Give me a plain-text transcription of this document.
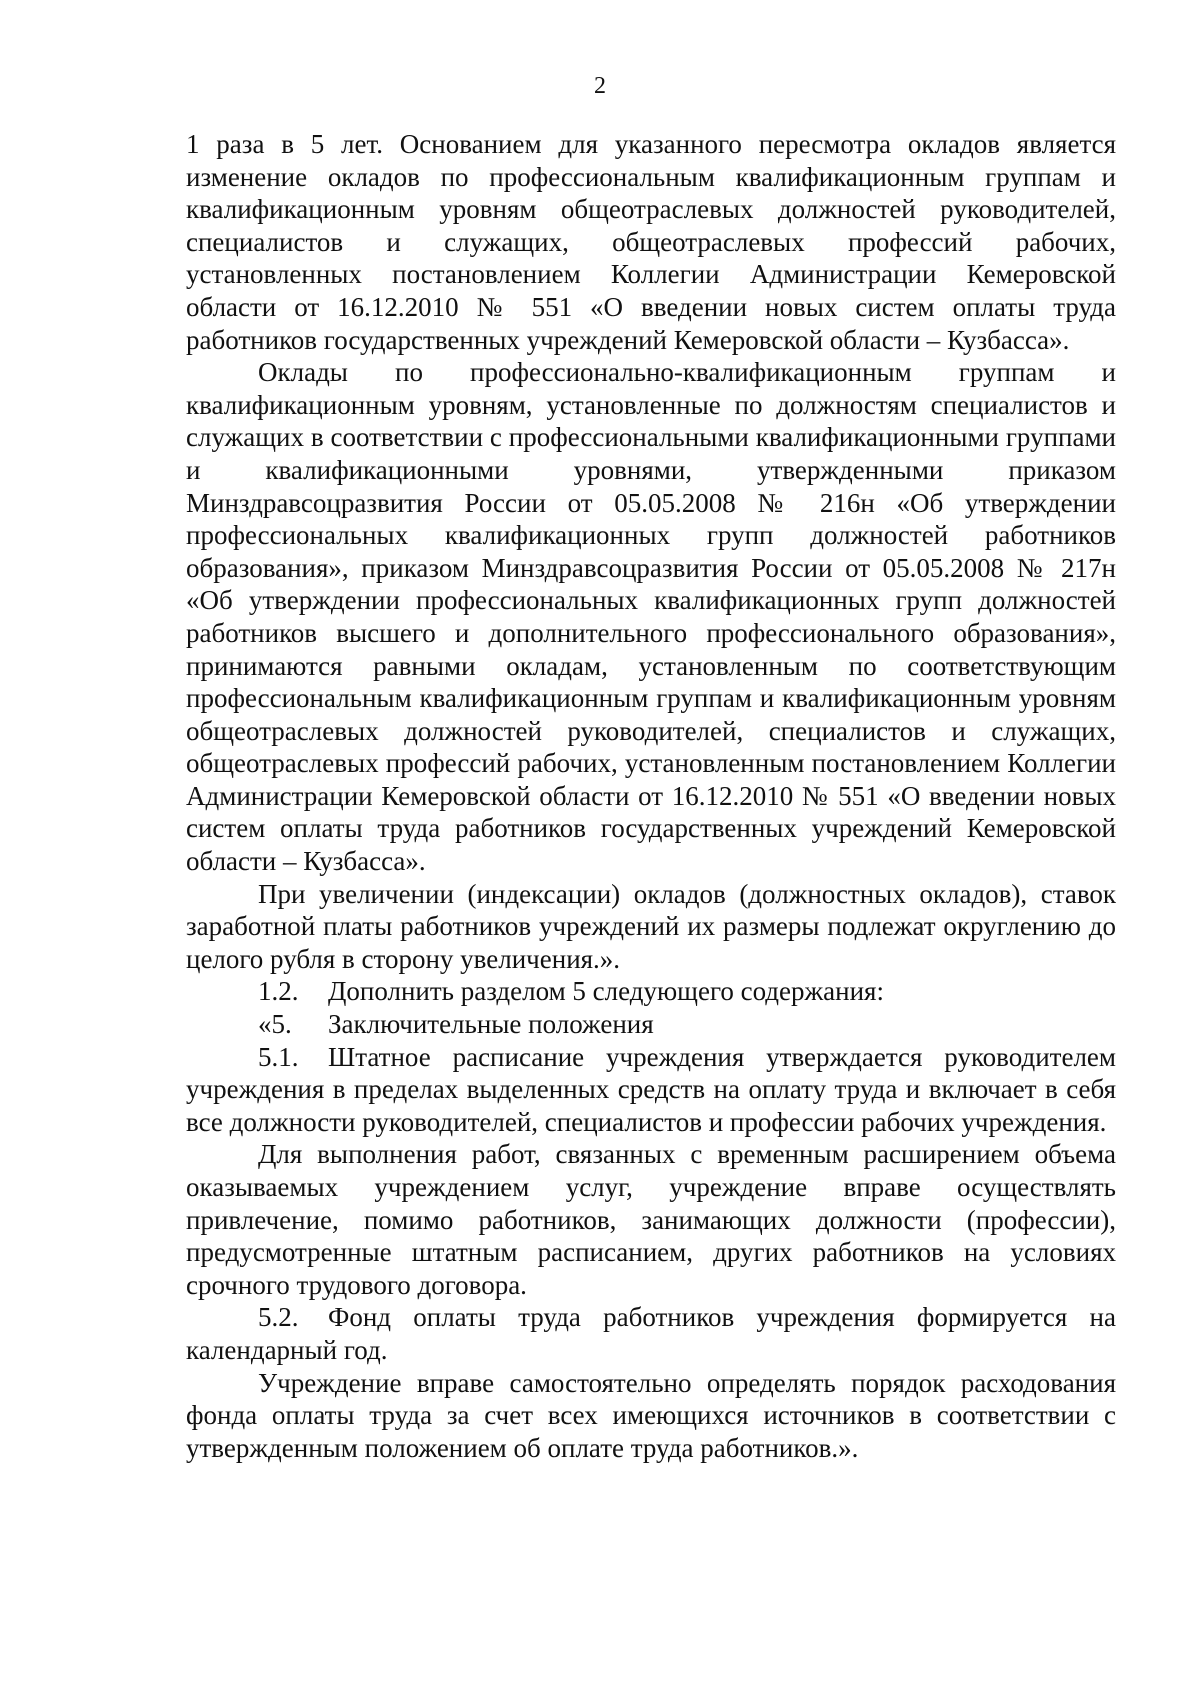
2

1 раза в 5 лет. Основанием для указанного пересмотра окладов является изменение окладов по профессиональным квалификационным группам и квалификационным уровням общеотраслевых должностей руководителей, специалистов и служащих, общеотраслевых профессий рабочих, установленных постановлением Коллегии Администрации Кемеровской области от 16.12.2010 № 551 «О введении новых систем оплаты труда работников государственных учреждений Кемеровской области – Кузбасса».

Оклады по профессионально-квалификационным группам и квалификационным уровням, установленные по должностям специалистов и служащих в соответствии с профессиональными квалификационными группами и квалификационными уровнями, утвержденными приказом Минздравсоцразвития России от 05.05.2008 № 216н «Об утверждении профессиональных квалификационных групп должностей работников образования», приказом Минздравсоцразвития России от 05.05.2008 № 217н «Об утверждении профессиональных квалификационных групп должностей работников высшего и дополнительного профессионального образования», принимаются равными окладам, установленным по соответствующим профессиональным квалификационным группам и квалификационным уровням общеотраслевых должностей руководителей, специалистов и служащих, общеотраслевых профессий рабочих, установленным постановлением Коллегии Администрации Кемеровской области от 16.12.2010 № 551 «О введении новых систем оплаты труда работников государственных учреждений Кемеровской области – Кузбасса».

При увеличении (индексации) окладов (должностных окладов), ставок заработной платы работников учреждений их размеры подлежат округлению до целого рубля в сторону увеличения.».

1.2. Дополнить разделом 5 следующего содержания:

«5. Заключительные положения

5.1. Штатное расписание учреждения утверждается руководителем учреждения в пределах выделенных средств на оплату труда и включает в себя все должности руководителей, специалистов и профессии рабочих учреждения.

Для выполнения работ, связанных с временным расширением объема оказываемых учреждением услуг, учреждение вправе осуществлять привлечение, помимо работников, занимающих должности (профессии), предусмотренные штатным расписанием, других работников на условиях срочного трудового договора.

5.2. Фонд оплаты труда работников учреждения формируется на календарный год.

Учреждение вправе самостоятельно определять порядок расходования фонда оплаты труда за счет всех имеющихся источников в соответствии с утвержденным положением об оплате труда работников.».
